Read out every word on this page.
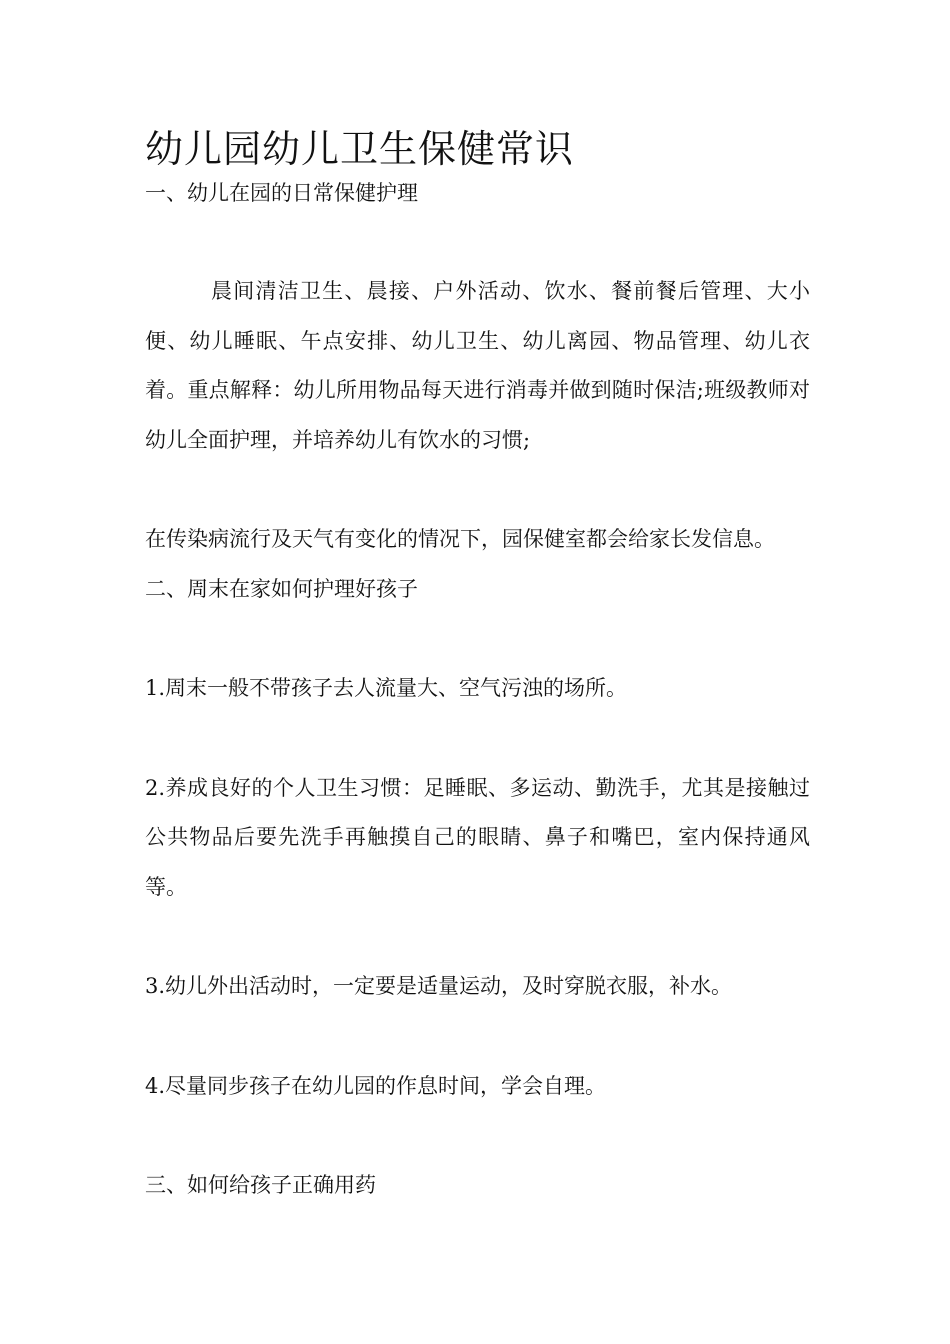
幼儿园幼儿卫生保健常识

一、幼儿在园的日常保健护理

晨间清洁卫生、晨接、户外活动、饮水、餐前餐后管理、大小便、幼儿睡眠、午点安排、幼儿卫生、幼儿离园、物品管理、幼儿衣着。重点解释：幼儿所用物品每天进行消毒并做到随时保洁;班级教师对幼儿全面护理，并培养幼儿有饮水的习惯;

在传染病流行及天气有变化的情况下，园保健室都会给家长发信息。

二、周末在家如何护理好孩子

1.周末一般不带孩子去人流量大、空气污浊的场所。

2.养成良好的个人卫生习惯：足睡眠、多运动、勤洗手，尤其是接触过公共物品后要先洗手再触摸自己的眼睛、鼻子和嘴巴，室内保持通风等。

3.幼儿外出活动时，一定要是适量运动，及时穿脱衣服，补水。

4.尽量同步孩子在幼儿园的作息时间，学会自理。

三、如何给孩子正确用药
